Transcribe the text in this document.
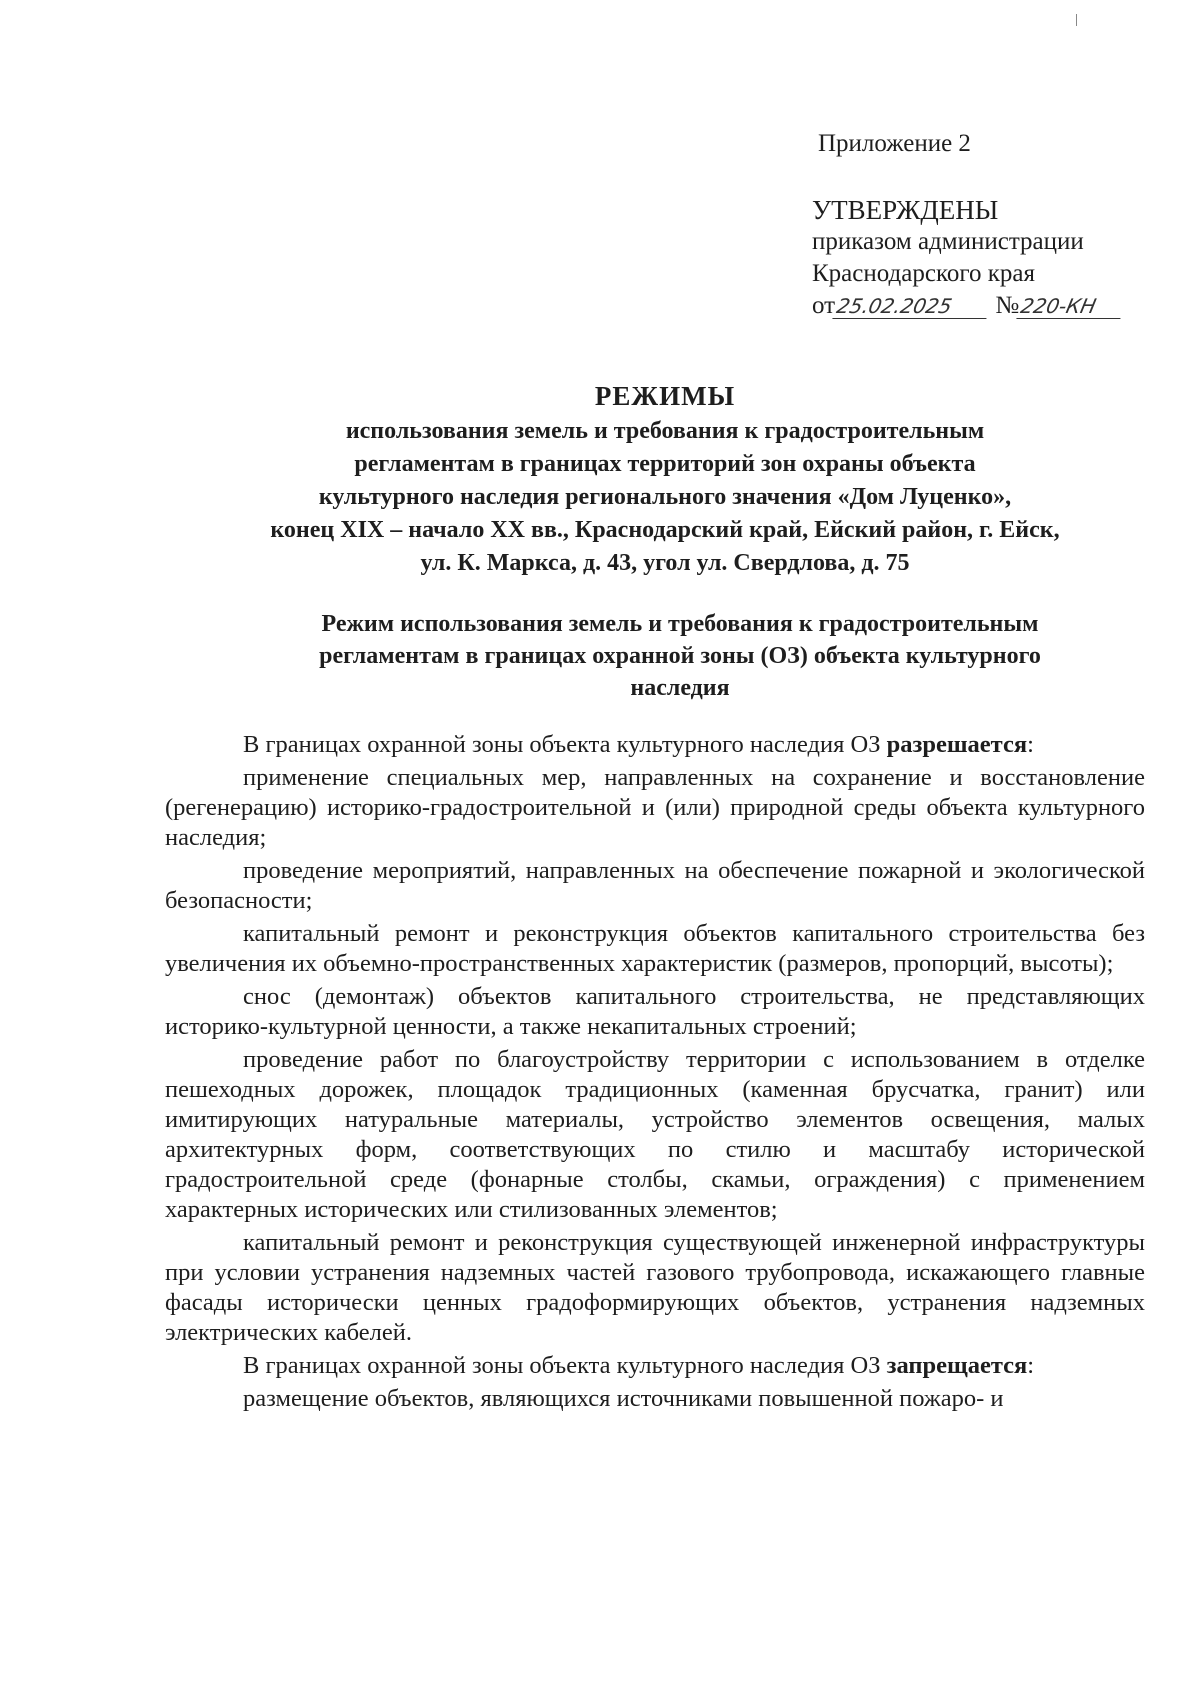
Приложение 2
УТВЕРЖДЕНЫ
приказом администрации
Краснодарского края
от25.02.2025 №220-КН
РЕЖИМЫ
использования земель и требования к градостроительным
регламентам в границах территорий зон охраны объекта
культурного наследия регионального значения «Дом Луценко»,
конец XIX – начало XX вв., Краснодарский край, Ейский район, г. Ейск,
ул. К. Маркса, д. 43, угол ул. Свердлова, д. 75
Режим использования земель и требования к градостроительным
регламентам в границах охранной зоны (ОЗ) объекта культурного
наследия

В границах охранной зоны объекта культурного наследия ОЗ разрешается:

применение специальных мер, направленных на сохранение и восстановление (регенерацию) историко-градостроительной и (или) природной среды объекта культурного наследия;

проведение мероприятий, направленных на обеспечение пожарной и экологической безопасности;

капитальный ремонт и реконструкция объектов капитального строительства без увеличения их объемно-пространственных характеристик (размеров, пропорций, высоты);

снос (демонтаж) объектов капитального строительства, не представляющих историко-культурной ценности, а также некапитальных строений;

проведение работ по благоустройству территории с использованием в отделке пешеходных дорожек, площадок традиционных (каменная брусчатка, гранит) или имитирующих натуральные материалы, устройство элементов освещения, малых архитектурных форм, соответствующих по стилю и масштабу исторической градостроительной среде (фонарные столбы, скамьи, ограждения) с применением характерных исторических или стилизованных элементов;

капитальный ремонт и реконструкция существующей инженерной инфраструктуры при условии устранения надземных частей газового трубопровода, искажающего главные фасады исторически ценных градоформирующих объектов, устранения надземных электрических кабелей.

В границах охранной зоны объекта культурного наследия ОЗ запрещается:

размещение объектов, являющихся источниками повышенной пожаро- и
